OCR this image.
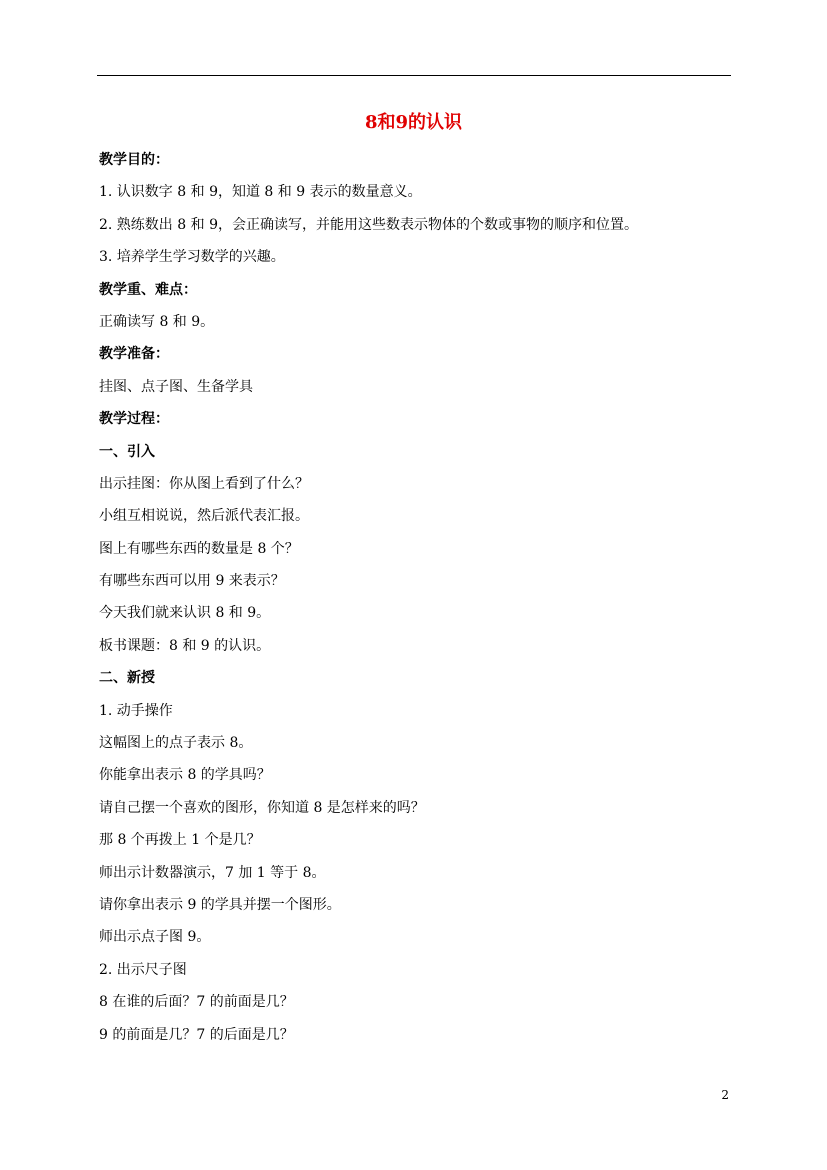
8和9的认识
教学目的：
1. 认识数字 8 和 9，知道 8 和 9 表示的数量意义。
2. 熟练数出 8 和 9，会正确读写，并能用这些数表示物体的个数或事物的顺序和位置。
3. 培养学生学习数学的兴趣。
教学重、难点：
正确读写 8 和 9。
教学准备：
挂图、点子图、生备学具
教学过程：
一、引入
出示挂图：你从图上看到了什么？
小组互相说说，然后派代表汇报。
图上有哪些东西的数量是 8 个？
有哪些东西可以用 9 来表示？
今天我们就来认识 8 和 9。
板书课题：8 和 9 的认识。
二、新授
1. 动手操作
这幅图上的点子表示 8。
你能拿出表示 8 的学具吗？
请自己摆一个喜欢的图形，你知道 8 是怎样来的吗？
那 8 个再拨上 1 个是几？
师出示计数器演示，7 加 1 等于 8。
请你拿出表示 9 的学具并摆一个图形。
师出示点子图 9。
2. 出示尺子图
8 在谁的后面？7 的前面是几？
9 的前面是几？7 的后面是几？
2
